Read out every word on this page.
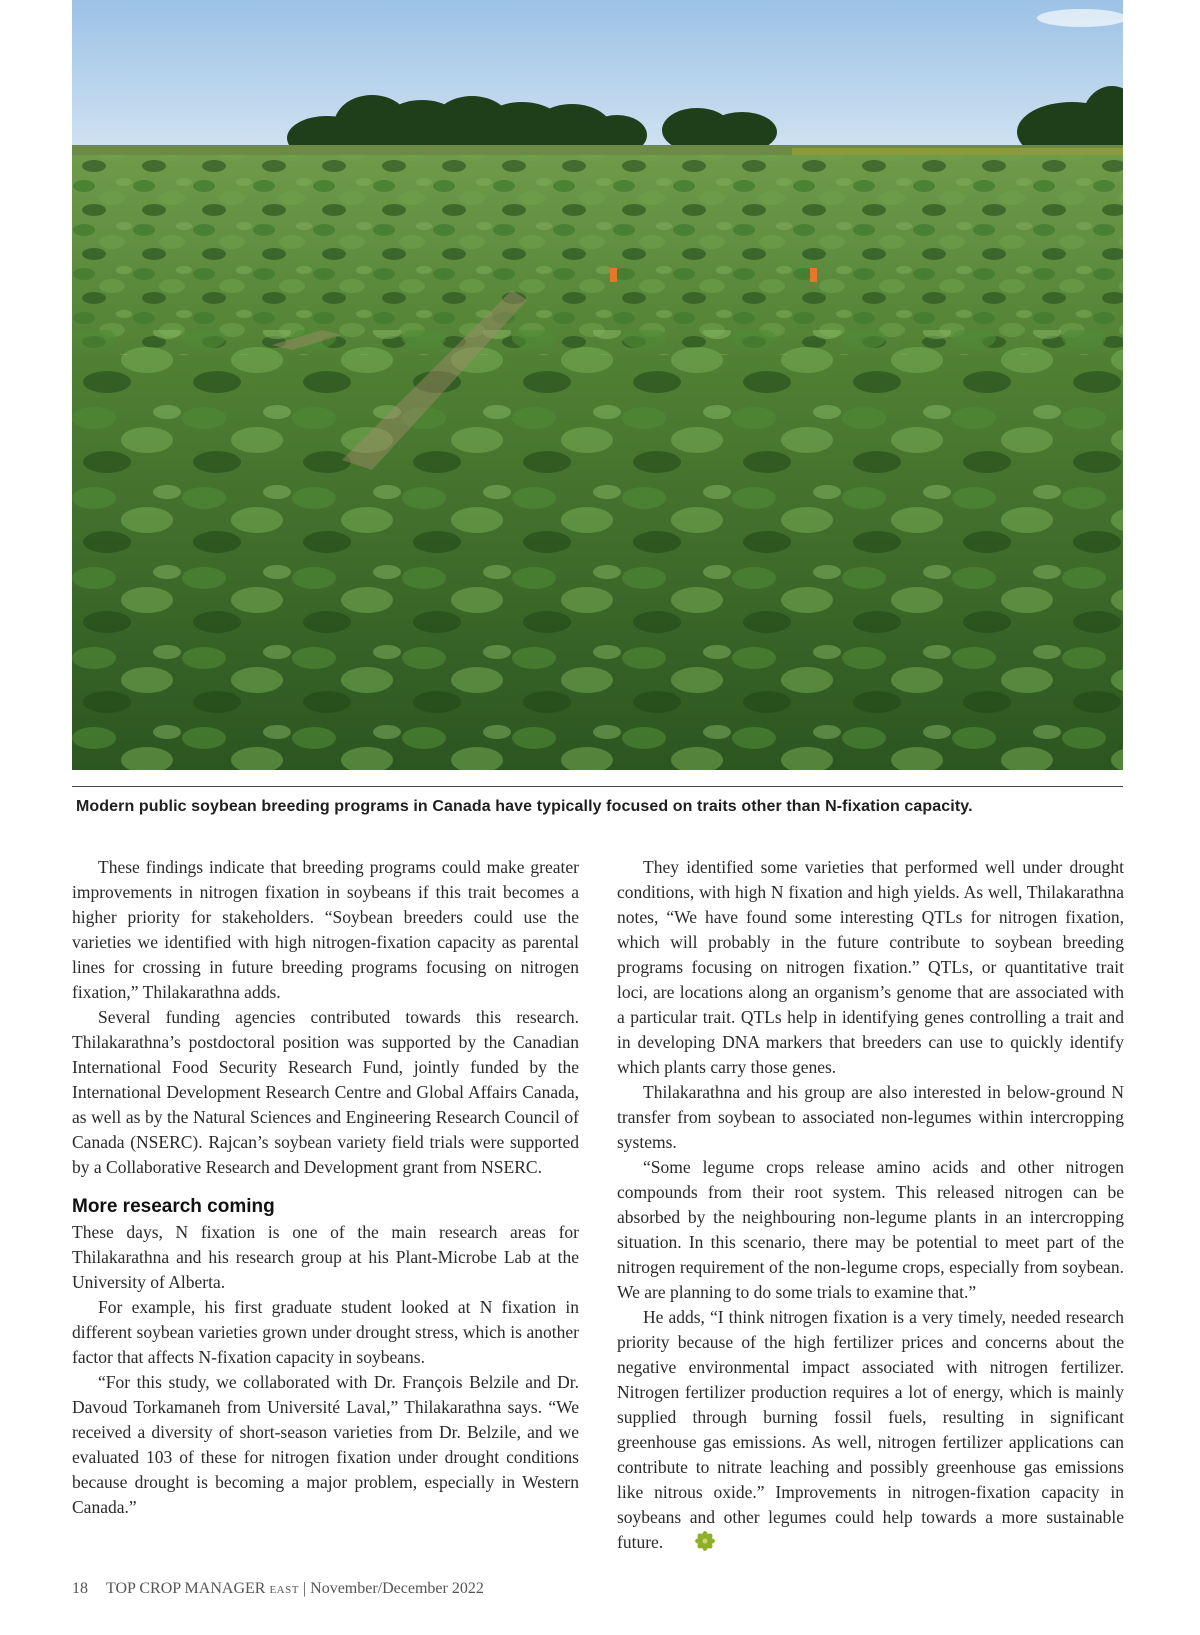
Modern public soybean breeding programs in Canada have typically focused on traits other than N-fixation capacity.

These findings indicate that breeding programs could make greater improvements in nitrogen fixation in soybeans if this trait becomes a higher priority for stakeholders. “Soybean breeders could use the varieties we identified with high nitrogen-fixation capacity as parental lines for crossing in future breeding programs focusing on nitrogen fixation,” Thilakarathna adds.

Several funding agencies contributed towards this research. Thilakarathna’s postdoctoral position was supported by the Canadian International Food Security Research Fund, jointly funded by the International Development Research Centre and Global Affairs Canada, as well as by the Natural Sciences and Engineering Research Council of Canada (NSERC). Rajcan’s soybean variety field trials were supported by a Collaborative Research and Development grant from NSERC.

More research coming

These days, N fixation is one of the main research areas for Thilakarathna and his research group at his Plant-Microbe Lab at the University of Alberta.

For example, his first graduate student looked at N fixation in different soybean varieties grown under drought stress, which is another factor that affects N-fixation capacity in soybeans.

“For this study, we collaborated with Dr. François Belzile and Dr. Davoud Torkamaneh from Université Laval,” Thilakarathna says. “We received a diversity of short-season varieties from Dr. Belzile, and we evaluated 103 of these for nitrogen fixation under drought conditions because drought is becoming a major problem, especially in Western Canada.”

They identified some varieties that performed well under drought conditions, with high N fixation and high yields. As well, Thilakarathna notes, “We have found some interesting QTLs for nitrogen fixation, which will probably in the future contribute to soybean breeding programs focusing on nitrogen fixation.” QTLs, or quantitative trait loci, are locations along an organism’s genome that are associated with a particular trait. QTLs help in identifying genes controlling a trait and in developing DNA markers that breeders can use to quickly identify which plants carry those genes.

Thilakarathna and his group are also interested in below-ground N transfer from soybean to associated non-legumes within intercropping systems.

“Some legume crops release amino acids and other nitrogen compounds from their root system. This released nitrogen can be absorbed by the neighbouring non-legume plants in an intercropping situation. In this scenario, there may be potential to meet part of the nitrogen requirement of the non-legume crops, especially from soybean. We are planning to do some trials to examine that.”

He adds, “I think nitrogen fixation is a very timely, needed research priority because of the high fertilizer prices and concerns about the negative environmental impact associated with nitrogen fertilizer. Nitrogen fertilizer production requires a lot of energy, which is mainly supplied through burning fossil fuels, resulting in significant greenhouse gas emissions. As well, nitrogen fertilizer applications can contribute to nitrate leaching and possibly greenhouse gas emissions like nitrous oxide.” Improvements in nitrogen-fixation capacity in soybeans and other legumes could help towards a more sustainable future.

18 TOP CROP MANAGER EAST | November/December 2022
